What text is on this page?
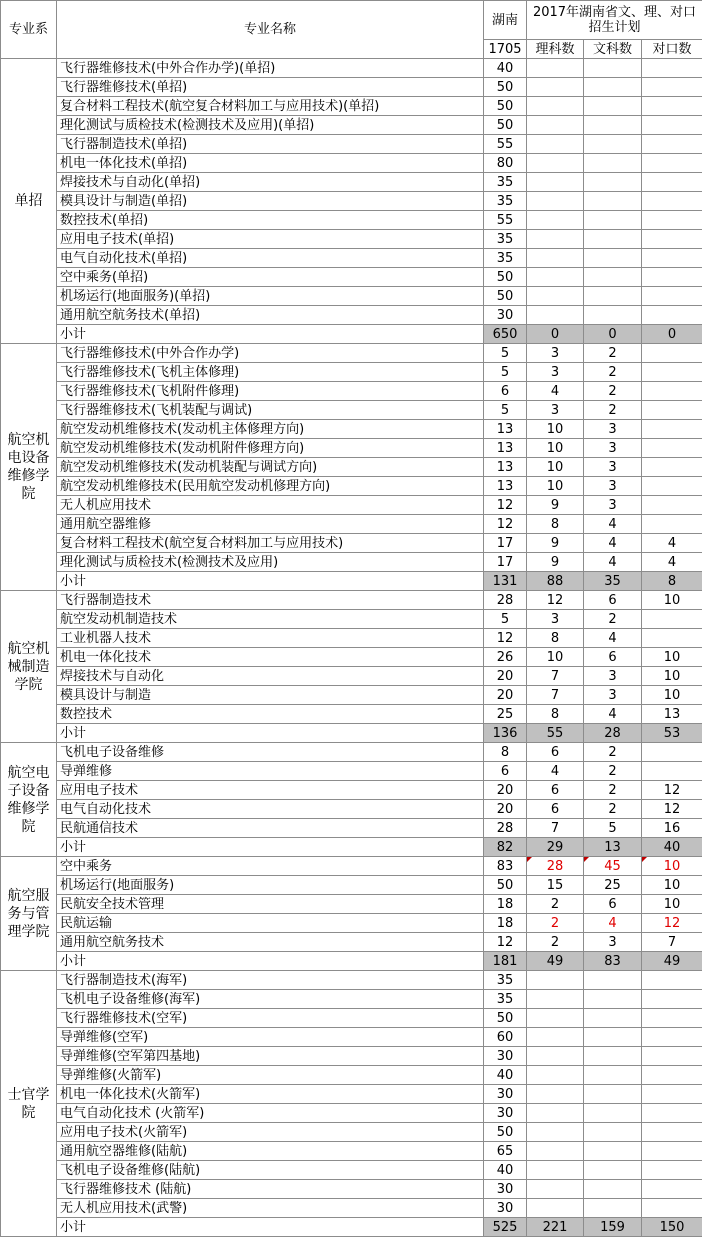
专业系	专业名称	湖南	2017年湖南省文、理、对口招生计划		
		1705	理科数	文科数	对口数
单招	飞行器维修技术(中外合作办学)(单招)	40			
	飞行器维修技术(单招)	50			
	复合材料工程技术(航空复合材料加工与应用技术)(单招)	50			
	理化测试与质检技术(检测技术及应用)(单招)	50			
	飞行器制造技术(单招)	55			
	机电一体化技术(单招)	80			
	焊接技术与自动化(单招)	35			
	模具设计与制造(单招)	35			
	数控技术(单招)	55			
	应用电子技术(单招)	35			
	电气自动化技术(单招)	35			
	空中乘务(单招)	50			
	机场运行(地面服务)(单招)	50			
	通用航空航务技术(单招)	30			
	小计	650	0	0	0
航空机电设备维修学院	飞行器维修技术(中外合作办学)	5	3	2	
	飞行器维修技术(飞机主体修理)	5	3	2	
	飞行器维修技术(飞机附件修理)	6	4	2	
	飞行器维修技术(飞机装配与调试)	5	3	2	
	航空发动机维修技术(发动机主体修理方向)	13	10	3	
	航空发动机维修技术(发动机附件修理方向)	13	10	3	
	航空发动机维修技术(发动机装配与调试方向)	13	10	3	
	航空发动机维修技术(民用航空发动机修理方向)	13	10	3	
	无人机应用技术	12	9	3	
	通用航空器维修	12	8	4	
	复合材料工程技术(航空复合材料加工与应用技术)	17	9	4	4
	理化测试与质检技术(检测技术及应用)	17	9	4	4
	小计	131	88	35	8
航空机械制造学院	飞行器制造技术	28	12	6	10
	航空发动机制造技术	5	3	2	
	工业机器人技术	12	8	4	
	机电一体化技术	26	10	6	10
	焊接技术与自动化	20	7	3	10
	模具设计与制造	20	7	3	10
	数控技术	25	8	4	13
	小计	136	55	28	53
航空电子设备维修学院	飞机电子设备维修	8	6	2	
	导弹维修	6	4	2	
	应用电子技术	20	6	2	12
	电气自动化技术	20	6	2	12
	民航通信技术	28	7	5	16
	小计	82	29	13	40
航空服务与管理学院	空中乘务	83	28	45	10
	机场运行(地面服务)	50	15	25	10
	民航安全技术管理	18	2	6	10
	民航运输	18	2	4	12
	通用航空航务技术	12	2	3	7
	小计	181	49	83	49
士官学院	飞行器制造技术(海军)	35			
	飞机电子设备维修(海军)	35			
	飞行器维修技术(空军)	50			
	导弹维修(空军)	60			
	导弹维修(空军第四基地)	30			
	导弹维修(火箭军)	40			
	机电一体化技术(火箭军)	30			
	电气自动化技术 (火箭军)	30			
	应用电子技术(火箭军)	50			
	通用航空器维修(陆航)	65			
	飞机电子设备维修(陆航)	40			
	飞行器维修技术 (陆航)	30			
	无人机应用技术(武警)	30			
	小计	525	221	159	150
